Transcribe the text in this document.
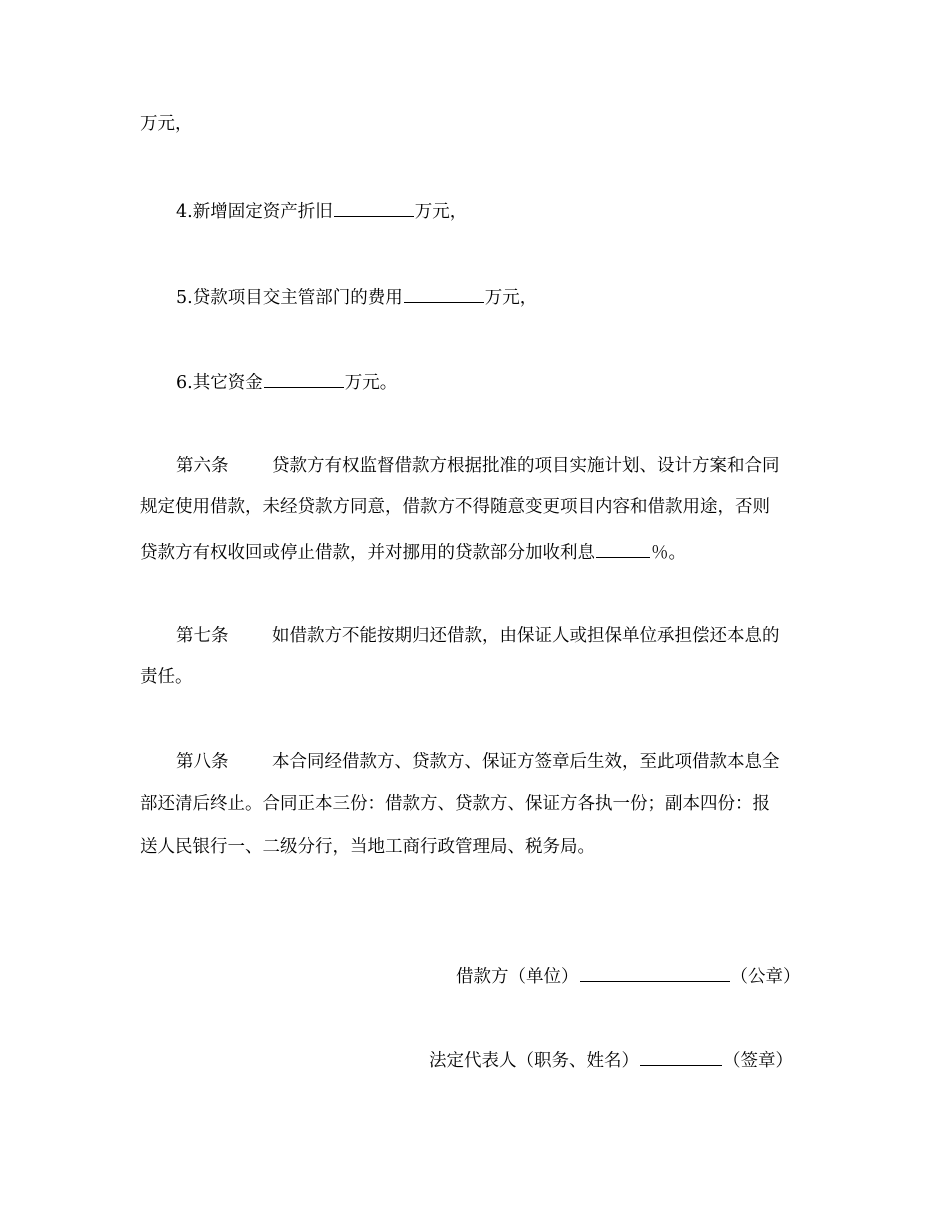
万元，
4.新增固定资产折旧	万元，
5.贷款项目交主管部门的费用	万元，
6.其它资金	万元。
第六条 贷款方有权监督借款方根据批准的项目实施计划、设计方案和合同
规定使用借款，未经贷款方同意，借款方不得随意变更项目内容和借款用途，否则
贷款方有权收回或停止借款，并对挪用的贷款部分加收利息	％。
第七条 如借款方不能按期归还借款，由保证人或担保单位承担偿还本息的
责任。
第八条 本合同经借款方、贷款方、保证方签章后生效，至此项借款本息全
部还清后终止。合同正本三份：借款方、贷款方、保证方各执一份；副本四份：报
送人民银行一、二级分行，当地工商行政管理局、税务局。
借款方（单位）	（公章）
法定代表人（职务、姓名）	（签章）
